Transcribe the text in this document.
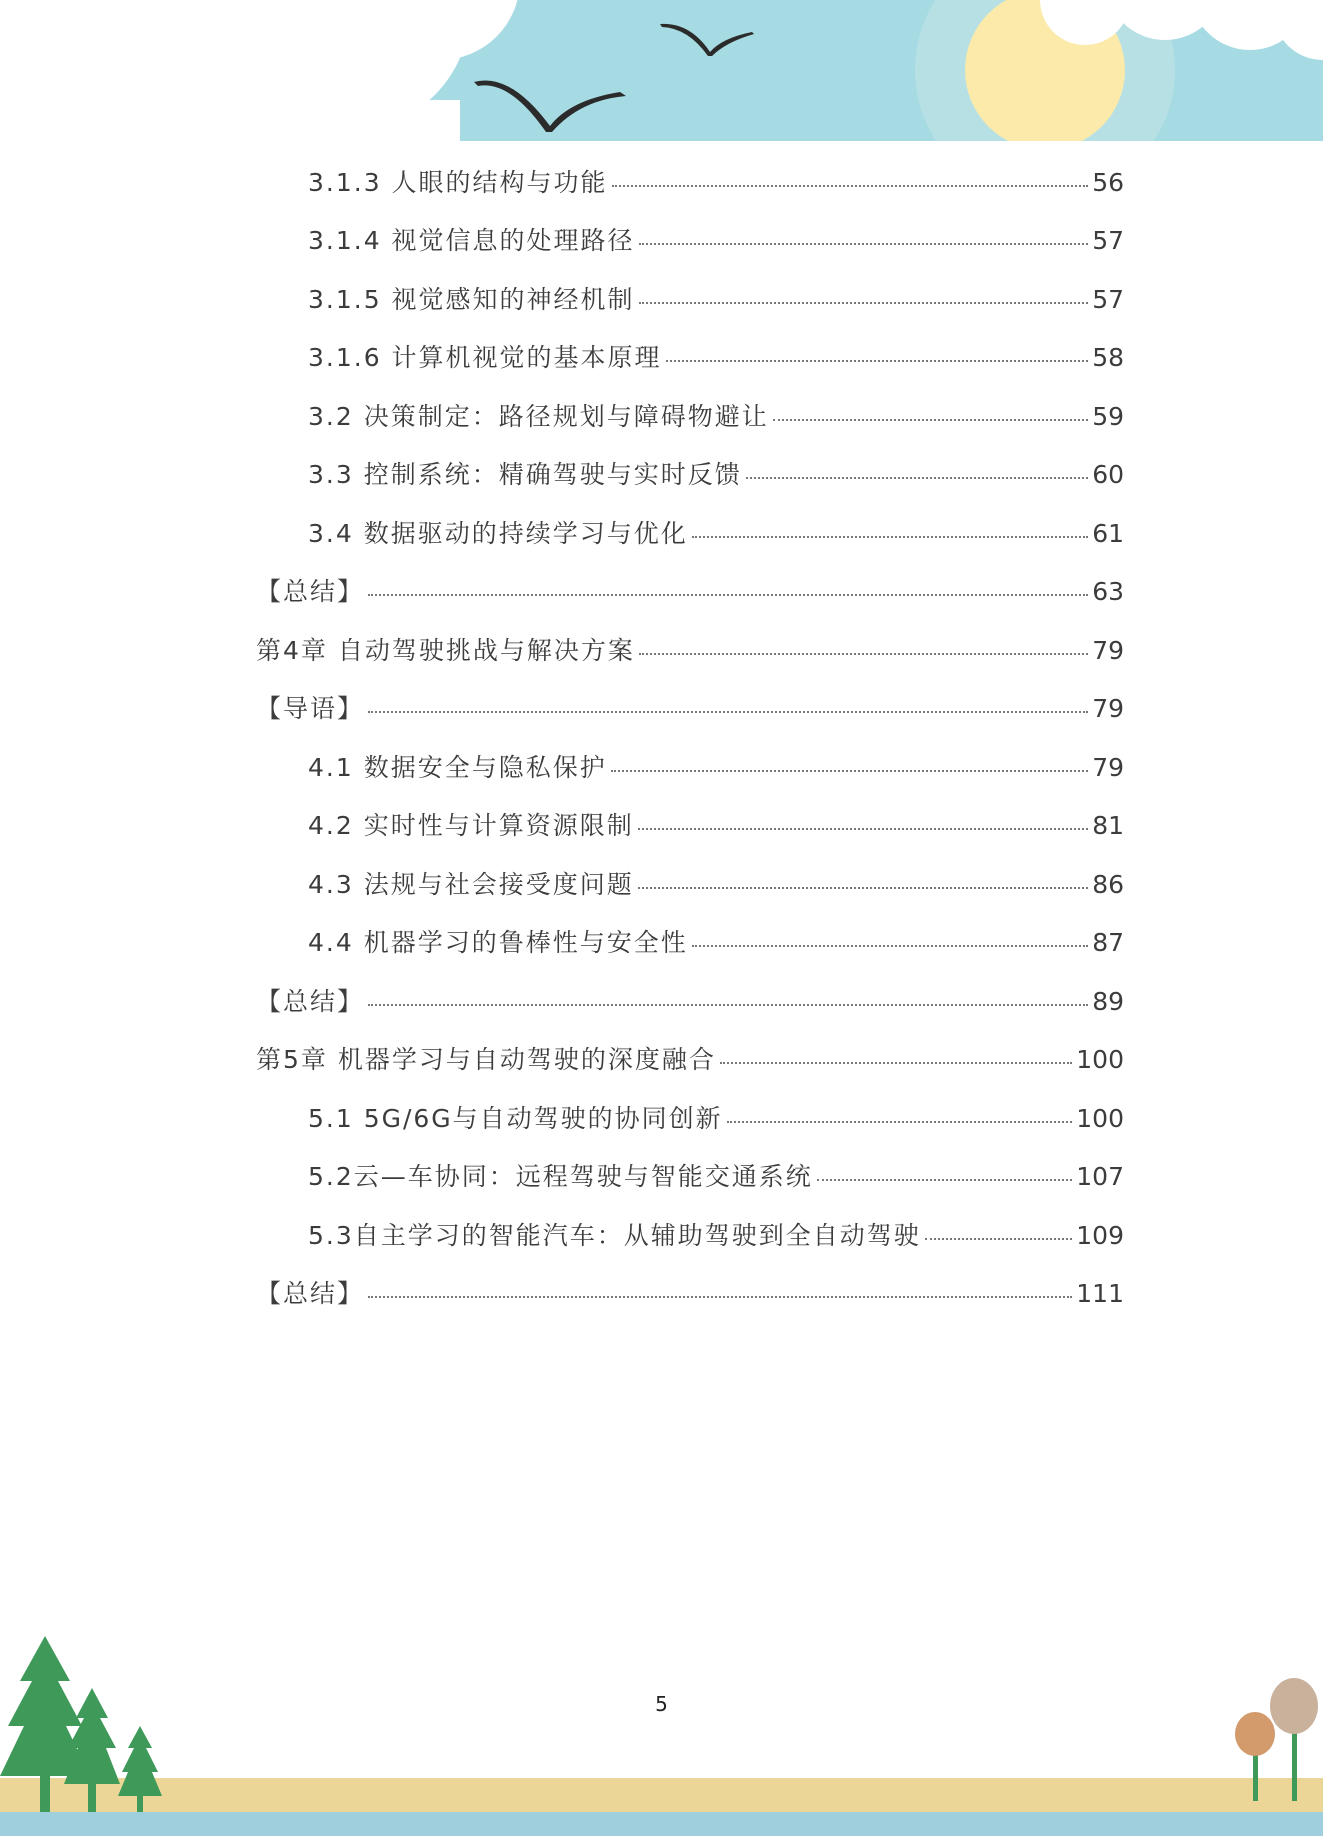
3.1.3 人眼的结构与功能	56
3.1.4 视觉信息的处理路径	57
3.1.5 视觉感知的神经机制	57
3.1.6 计算机视觉的基本原理	58
3.2 决策制定：路径规划与障碍物避让	59
3.3 控制系统：精确驾驶与实时反馈	60
3.4 数据驱动的持续学习与优化	61
【总结】	63
第4章 自动驾驶挑战与解决方案	79
【导语】	79
4.1 数据安全与隐私保护	79
4.2 实时性与计算资源限制	81
4.3 法规与社会接受度问题	86
4.4 机器学习的鲁棒性与安全性	87
【总结】	89
第5章 机器学习与自动驾驶的深度融合	100
5.1 5G/6G与自动驾驶的协同创新	100
5.2云—车协同：远程驾驶与智能交通系统	107
5.3自主学习的智能汽车：从辅助驾驶到全自动驾驶	109
【总结】	111
5
